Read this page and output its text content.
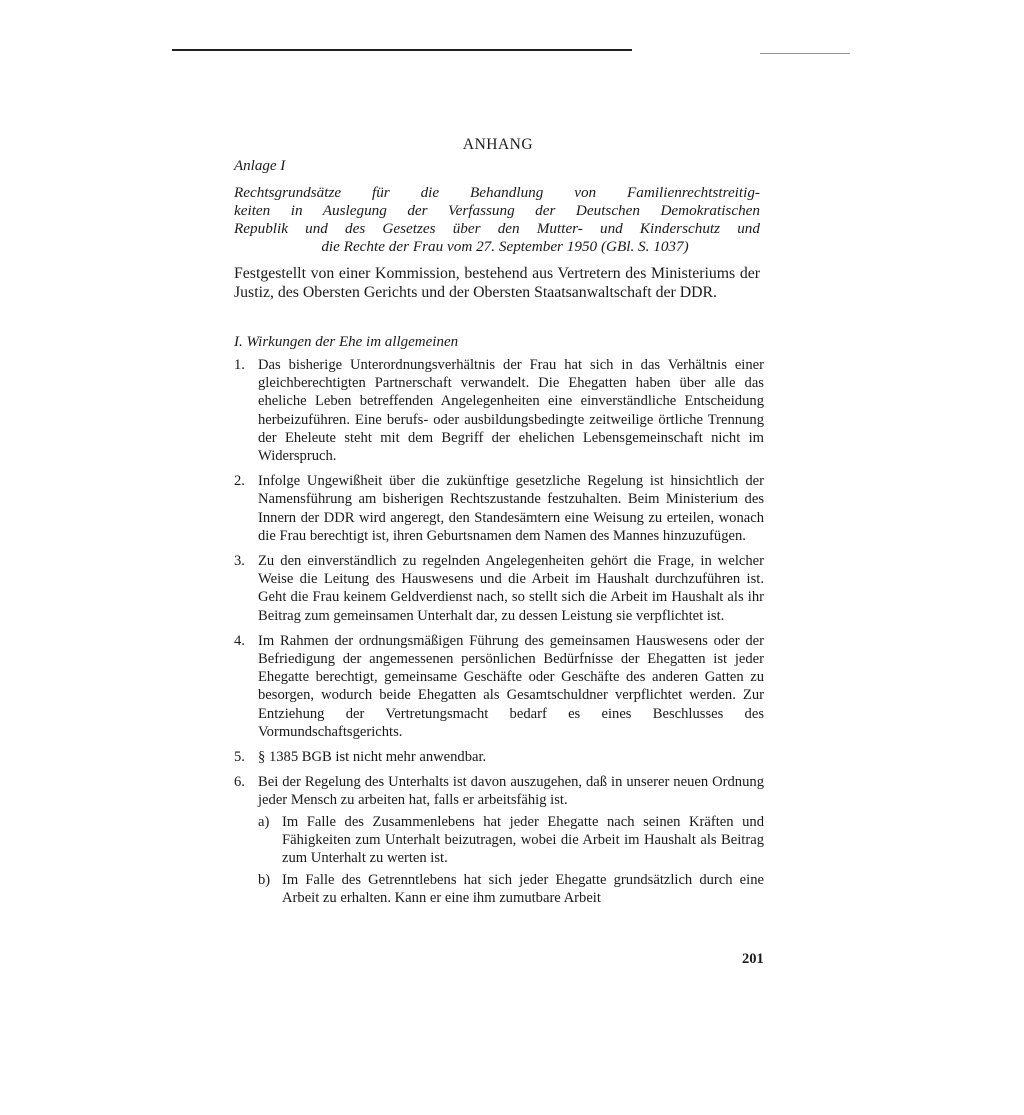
ANHANG
Anlage I
Rechtsgrundsätze für die Behandlung von Familienrechtstreitig-
keiten in Auslegung der Verfassung der Deutschen Demokratischen
Republik und des Gesetzes über den Mutter- und Kinderschutz und
die Rechte der Frau vom 27. September 1950 (GBl. S. 1037)
Festgestellt von einer Kommission, bestehend aus Vertretern des Ministeriums der Justiz, des Obersten Gerichts und der Obersten Staatsanwaltschaft der DDR.
I. Wirkungen der Ehe im allgemeinen
1. Das bisherige Unterordnungsverhältnis der Frau hat sich in das Verhältnis einer gleichberechtigten Partnerschaft verwandelt. Die Ehegatten haben über alle das eheliche Leben betreffenden Angelegenheiten eine einverständliche Entscheidung herbeizuführen. Eine berufs- oder ausbildungsbedingte zeitweilige örtliche Trennung der Eheleute steht mit dem Begriff der ehelichen Lebensgemeinschaft nicht im Widerspruch.
2. Infolge Ungewißheit über die zukünftige gesetzliche Regelung ist hinsichtlich der Namensführung am bisherigen Rechtszustande festzuhalten. Beim Ministerium des Innern der DDR wird angeregt, den Standesämtern eine Weisung zu erteilen, wonach die Frau berechtigt ist, ihren Geburtsnamen dem Namen des Mannes hinzuzufügen.
3. Zu den einverständlich zu regelnden Angelegenheiten gehört die Frage, in welcher Weise die Leitung des Hauswesens und die Arbeit im Haushalt durchzuführen ist. Geht die Frau keinem Geldverdienst nach, so stellt sich die Arbeit im Haushalt als ihr Beitrag zum gemeinsamen Unterhalt dar, zu dessen Leistung sie verpflichtet ist.
4. Im Rahmen der ordnungsmäßigen Führung des gemeinsamen Hauswesens oder der Befriedigung der angemessenen persönlichen Bedürfnisse der Ehegatten ist jeder Ehegatte berechtigt, gemeinsame Geschäfte oder Geschäfte des anderen Gatten zu besorgen, wodurch beide Ehegatten als Gesamtschuldner verpflichtet werden. Zur Entziehung der Vertretungsmacht bedarf es eines Beschlusses des Vormundschaftsgerichts.
5. § 1385 BGB ist nicht mehr anwendbar.
6. Bei der Regelung des Unterhalts ist davon auszugehen, daß in unserer neuen Ordnung jeder Mensch zu arbeiten hat, falls er arbeitsfähig ist.
a) Im Falle des Zusammenlebens hat jeder Ehegatte nach seinen Kräften und Fähigkeiten zum Unterhalt beizutragen, wobei die Arbeit im Haushalt als Beitrag zum Unterhalt zu werten ist.
b) Im Falle des Getrenntlebens hat sich jeder Ehegatte grundsätzlich durch eine Arbeit zu erhalten. Kann er eine ihm zumutbare Arbeit
201
